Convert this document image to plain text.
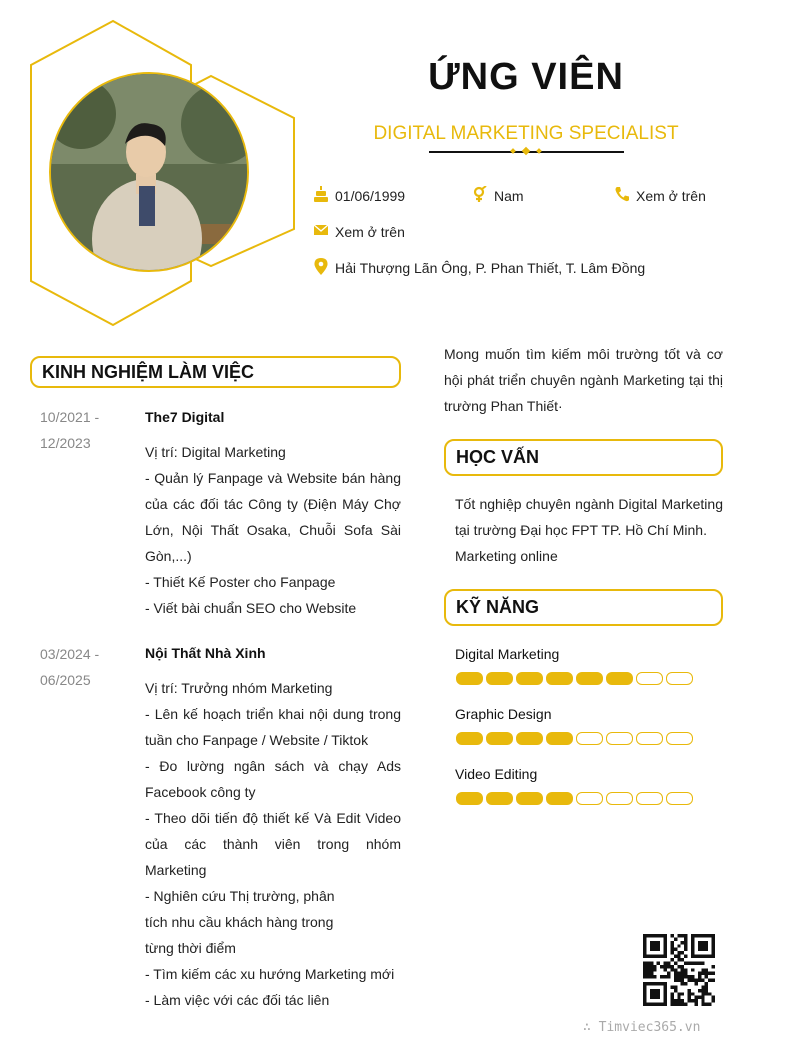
ỨNG VIÊN
DIGITAL MARKETING SPECIALIST
01/06/1999	Nam	Xem ở trên
Xem ở trên
Hải Thượng Lãn Ông, P. Phan Thiết, T. Lâm Đồng
KINH NGHIỆM LÀM VIỆC
10/2021 -
12/2023
The7 Digital
Vị trí: Digital Marketing
- Quản lý Fanpage và Website bán hàng của các đối tác Công ty (Điện Máy Chợ Lớn, Nội Thất Osaka, Chuỗi Sofa Sài Gòn,...)
- Thiết Kế Poster cho Fanpage
- Viết bài chuẩn SEO cho Website
03/2024 -
06/2025
Nội Thất Nhà Xinh
Vị trí: Trưởng nhóm Marketing
- Lên kế hoạch triển khai nội dung trong tuần cho Fanpage / Website / Tiktok
- Đo lường ngân sách và chạy Ads Facebook công ty
- Theo dõi tiến độ thiết kế Và Edit Video của các thành viên trong nhóm Marketing
- Nghiên cứu Thị trường, phân
tích nhu cầu khách hàng trong
từng thời điểm
- Tìm kiếm các xu hướng Marketing mới
- Làm việc với các đối tác liên
Mong muốn tìm kiếm môi trường tốt và cơ hội phát triển chuyên ngành Marketing tại thị trường Phan Thiết·
HỌC VẤN
Tốt nghiệp chuyên ngành Digital Marketing tại trường Đại học FPT TP. Hồ Chí Minh.
Marketing online
KỸ NĂNG
Digital Marketing
Graphic Design
Video Editing
∴ Timviec365.vn
